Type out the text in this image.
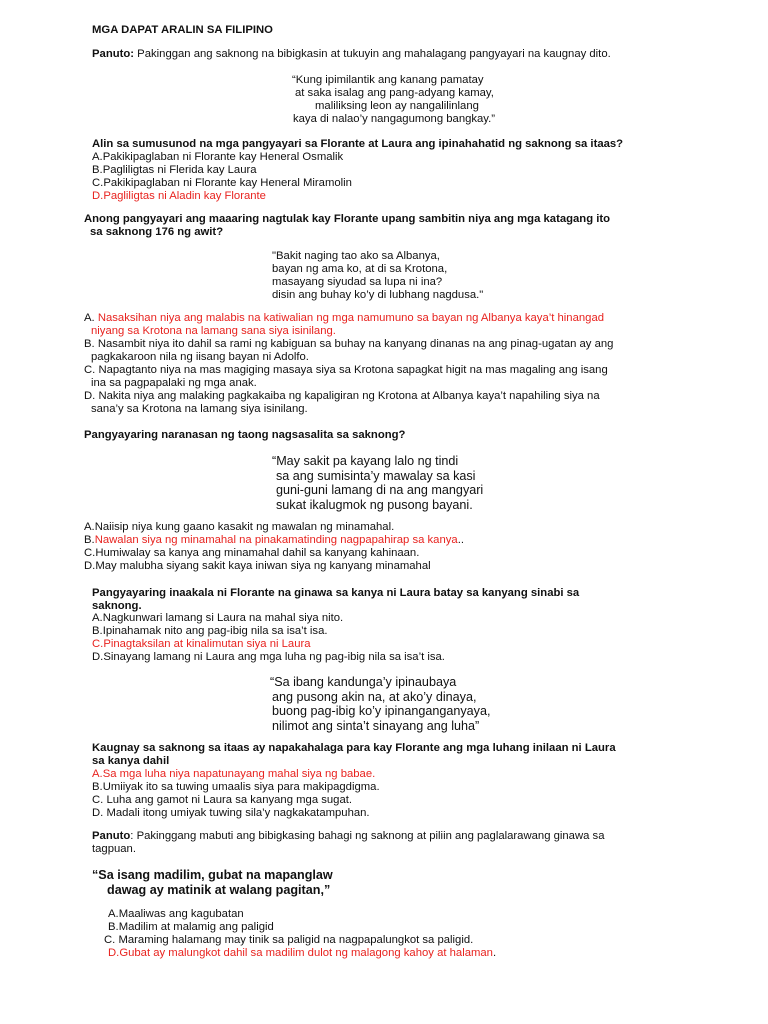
MGA DAPAT ARALIN SA FILIPINO
Panuto: Pakinggan ang saknong na bibigkasin at tukuyin ang mahalagang pangyayari na kaugnay dito.
“Kung ipimilantik ang kanang pamatay
at saka isalag ang pang-adyang kamay,
maliliksing leon ay nangalilinlang
kaya di nalao’y nangagumong bangkay.”
Alin sa sumusunod na mga pangyayari sa Florante at Laura ang ipinahahatid ng saknong sa itaas?
A.Pakikipaglaban ni Florante kay Heneral Osmalik
B.Pagliligtas ni Flerida kay Laura
C.Pakikipaglaban ni Florante kay Heneral Miramolin
D.Pagliligtas ni Aladin kay Florante
Anong pangyayari ang maaaring nagtulak kay Florante upang sambitin niya ang mga katagang ito
sa saknong 176 ng awit?
"Bakit naging tao ako sa Albanya,
bayan ng ama ko, at di sa Krotona,
masayang siyudad sa lupa ni ina?
disin ang buhay ko’y di lubhang nagdusa."
A. Nasaksihan niya ang malabis na katiwalian ng mga namumuno sa bayan ng Albanya kaya’t hinangad
niyang sa Krotona na lamang sana siya isinilang.
B. Nasambit niya ito dahil sa rami ng kabiguan sa buhay na kanyang dinanas na ang pinag-ugatan ay ang
pagkakaroon nila ng iisang bayan ni Adolfo.
C. Napagtanto niya na mas magiging masaya siya sa Krotona sapagkat higit na mas magaling ang isang
ina sa pagpapalaki ng mga anak.
D. Nakita niya ang malaking pagkakaiba ng kapaligiran ng Krotona at Albanya kaya’t napahiling siya na
sana’y sa Krotona na lamang siya isinilang.
Pangyayaring naranasan ng taong nagsasalita sa saknong?
“May sakit pa kayang lalo ng tindi
sa ang sumisinta’y mawalay sa kasi
guni-guni lamang di na ang mangyari
sukat ikalugmok ng pusong bayani.
A.Naiisip niya kung gaano kasakit ng mawalan ng minamahal.
B.Nawalan siya ng minamahal na pinakamatinding nagpapahirap sa kanya..
C.Humiwalay sa kanya ang minamahal dahil sa kanyang kahinaan.
D.May malubha siyang sakit kaya iniwan siya ng kanyang minamahal
Pangyayaring inaakala ni Florante na ginawa sa kanya ni Laura batay sa kanyang sinabi sa
saknong.
A.Nagkunwari lamang si Laura na mahal siya nito.
B.Ipinahamak nito ang pag-ibig nila sa isa’t isa.
C.Pinagtaksilan at kinalimutan siya ni Laura
D.Sinayang lamang ni Laura ang mga luha ng pag-ibig nila sa isa’t isa.
“Sa ibang kandunga’y ipinaubaya
ang pusong akin na, at ako’y dinaya,
buong pag-ibig ko’y ipinanganganyaya,
nilimot ang sinta’t sinayang ang luha”
Kaugnay sa saknong sa itaas ay napakahalaga para kay Florante ang mga luhang inilaan ni Laura
sa kanya dahil
A.Sa mga luha niya napatunayang mahal siya ng babae.
B.Umiiyak ito sa tuwing umaalis siya para makipagdigma.
C. Luha ang gamot ni Laura sa kanyang mga sugat.
D. Madali itong umiyak tuwing sila’y nagkakatampuhan.
Panuto: Pakinggang mabuti ang bibigkasing bahagi ng saknong at piliin ang paglalarawang ginawa sa
tagpuan.
“Sa isang madilim, gubat na mapanglaw
dawag ay matinik at walang pagitan,”
A.Maaliwas ang kagubatan
B.Madilim at malamig ang paligid
C. Maraming halamang may tinik sa paligid na nagpapalungkot sa paligid.
D.Gubat ay malungkot dahil sa madilim dulot ng malagong kahoy at halaman.
